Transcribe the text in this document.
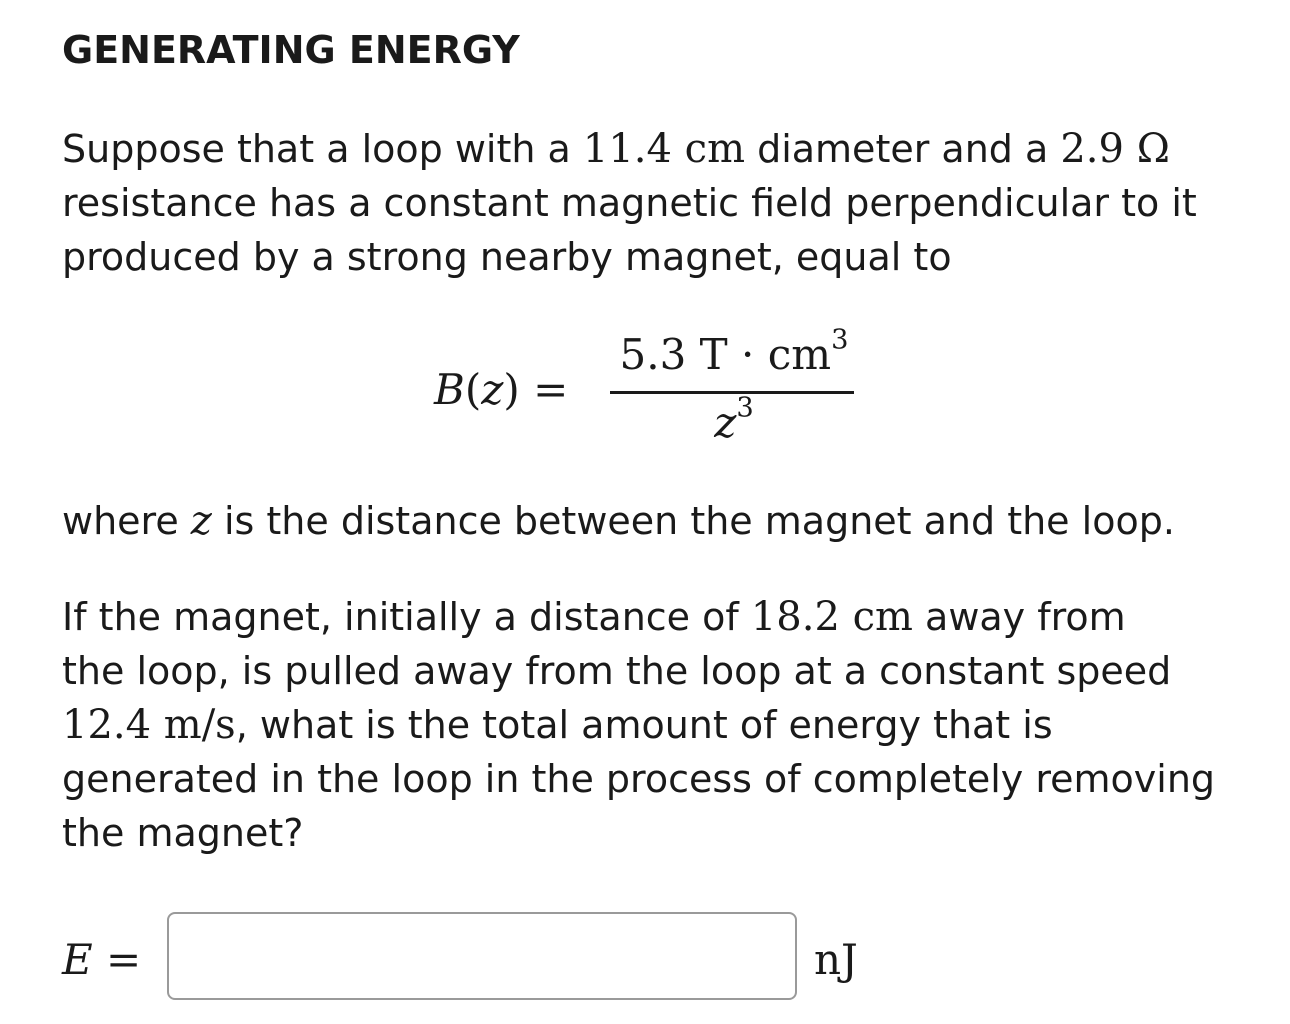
GENERATING ENERGY
Suppose that a loop with a 11.4 cm diameter and a 2.9 Ω
resistance has a constant magnetic field perpendicular to it
produced by a strong nearby magnet, equal to
B(z) =
5.3 $T \cdot cm^3$
$z^3$
where z is the distance between the magnet and the loop.
If the magnet, initially a distance of 18.2 cm away from
the loop, is pulled away from the loop at a constant speed
12.4 m/s, what is the total amount of energy that is
generated in the loop in the process of completely removing
the magnet?
E =	nJ
